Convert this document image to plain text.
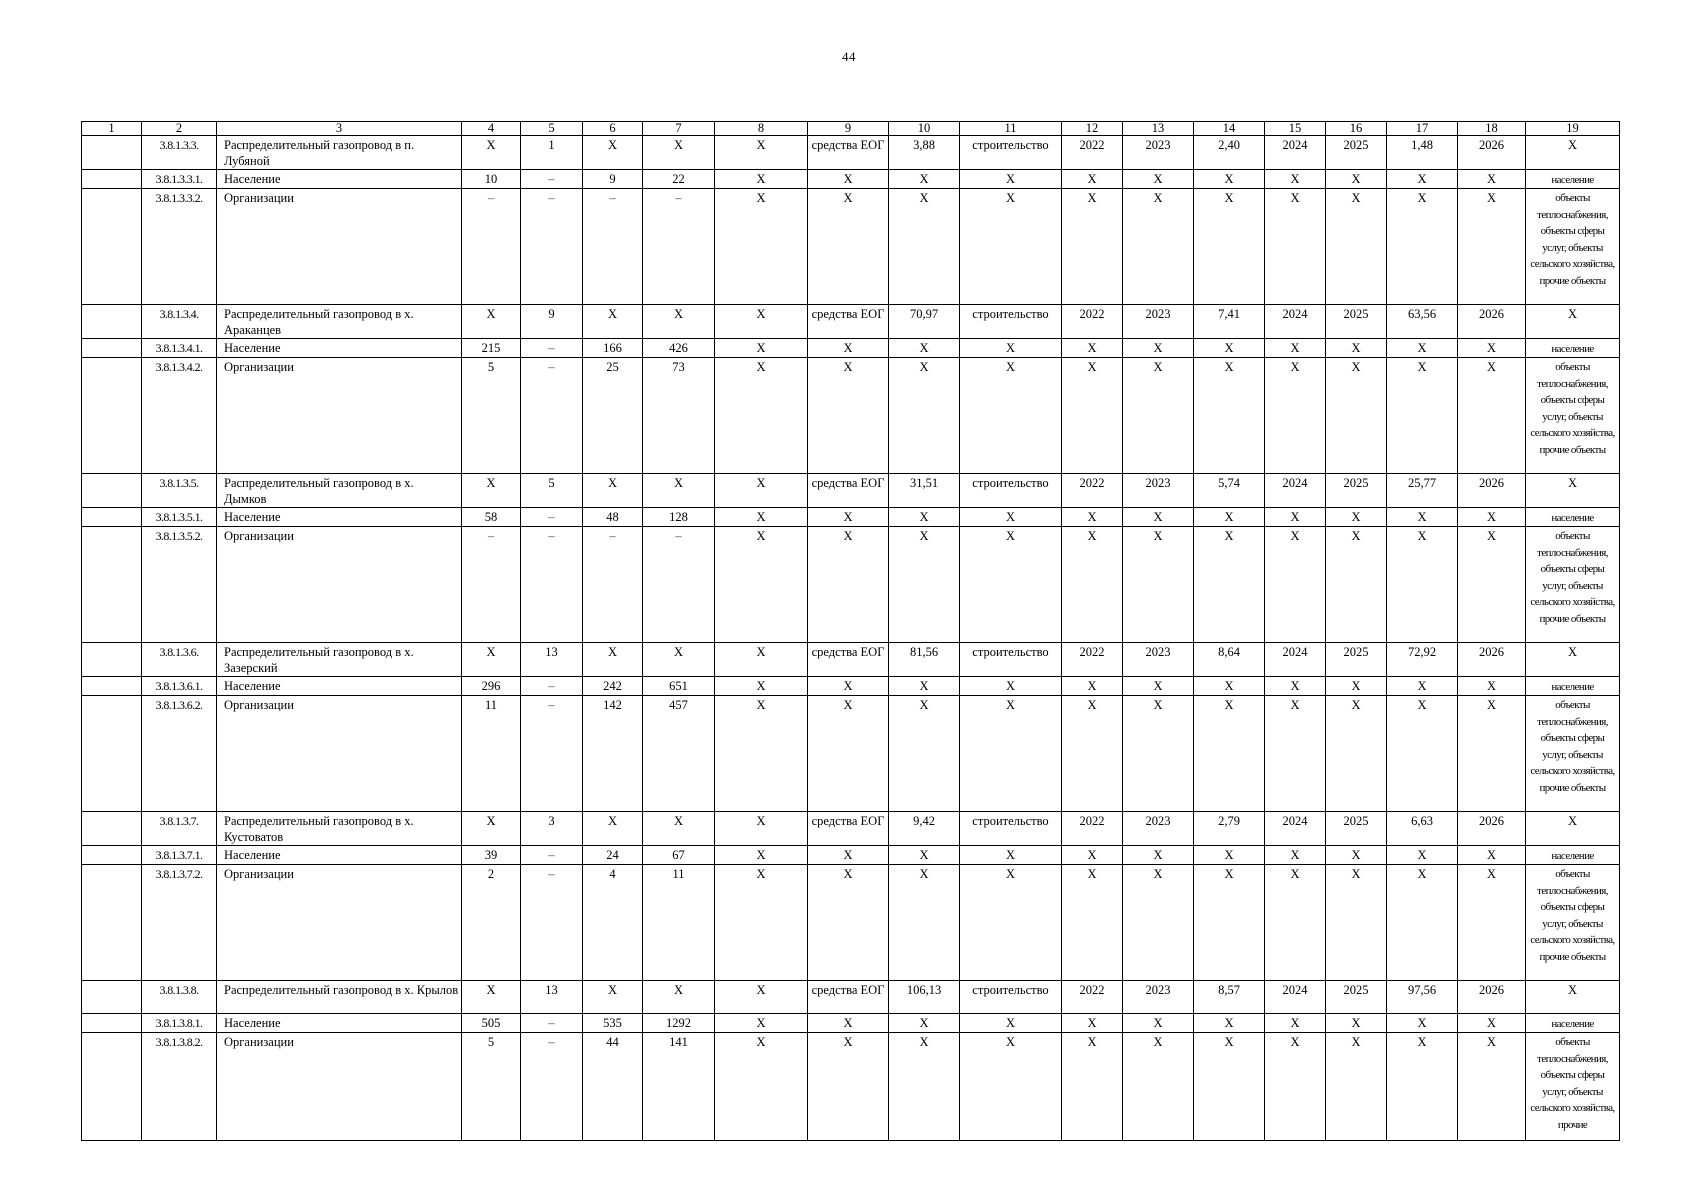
44
1	2	3	4	5	6	7	8	9	10	11	12	13	14	15	16	17	18	19
	3.8.1.3.3.	Распределительный газопровод в п. Лубяной	X	1	X	X	X	средства ЕОГ	3,88	строительство	2022	2023	2,40	2024	2025	1,48	2026	X
	3.8.1.3.3.1.	Население	10	–	9	22	X	X	X	X	X	X	X	X	X	X	X	население
	3.8.1.3.3.2.	Организации	–	–	–	–	X	X	X	X	X	X	X	X	X	X	X	объекты теплоснабжения, объекты сферы услуг, объекты сельского хозяйства, прочие объекты

	3.8.1.3.4.	Распределительный газопровод в х. Араканцев	X	9	X	X	X	средства ЕОГ	70,97	строительство	2022	2023	7,41	2024	2025	63,56	2026	X
	3.8.1.3.4.1.	Население	215	–	166	426	X	X	X	X	X	X	X	X	X	X	X	население
	3.8.1.3.4.2.	Организации	5	–	25	73	X	X	X	X	X	X	X	X	X	X	X	объекты теплоснабжения, объекты сферы услуг, объекты сельского хозяйства, прочие объекты

	3.8.1.3.5.	Распределительный газопровод в х. Дымков	X	5	X	X	X	средства ЕОГ	31,51	строительство	2022	2023	5,74	2024	2025	25,77	2026	X
	3.8.1.3.5.1.	Население	58	–	48	128	X	X	X	X	X	X	X	X	X	X	X	население
	3.8.1.3.5.2.	Организации	–	–	–	–	X	X	X	X	X	X	X	X	X	X	X	объекты теплоснабжения, объекты сферы услуг, объекты сельского хозяйства, прочие объекты

	3.8.1.3.6.	Распределительный газопровод в х. Зазерский	X	13	X	X	X	средства ЕОГ	81,56	строительство	2022	2023	8,64	2024	2025	72,92	2026	X
	3.8.1.3.6.1.	Население	296	–	242	651	X	X	X	X	X	X	X	X	X	X	X	население
	3.8.1.3.6.2.	Организации	11	–	142	457	X	X	X	X	X	X	X	X	X	X	X	объекты теплоснабжения, объекты сферы услуг, объекты сельского хозяйства, прочие объекты

	3.8.1.3.7.	Распределительный газопровод в х. Кустоватов	X	3	X	X	X	средства ЕОГ	9,42	строительство	2022	2023	2,79	2024	2025	6,63	2026	X
	3.8.1.3.7.1.	Население	39	–	24	67	X	X	X	X	X	X	X	X	X	X	X	население
	3.8.1.3.7.2.	Организации	2	–	4	11	X	X	X	X	X	X	X	X	X	X	X	объекты теплоснабжения, объекты сферы услуг, объекты сельского хозяйства, прочие объекты

	3.8.1.3.8.	Распределительный газопровод в х. Крылов	X	13	X	X	X	средства ЕОГ	106,13	строительство	2022	2023	8,57	2024	2025	97,56	2026	X
	3.8.1.3.8.1.	Население	505	–	535	1292	X	X	X	X	X	X	X	X	X	X	X	население
	3.8.1.3.8.2.	Организации	5	–	44	141	X	X	X	X	X	X	X	X	X	X	X	объекты теплоснабжения, объекты сферы услуг, объекты сельского хозяйства, прочие
